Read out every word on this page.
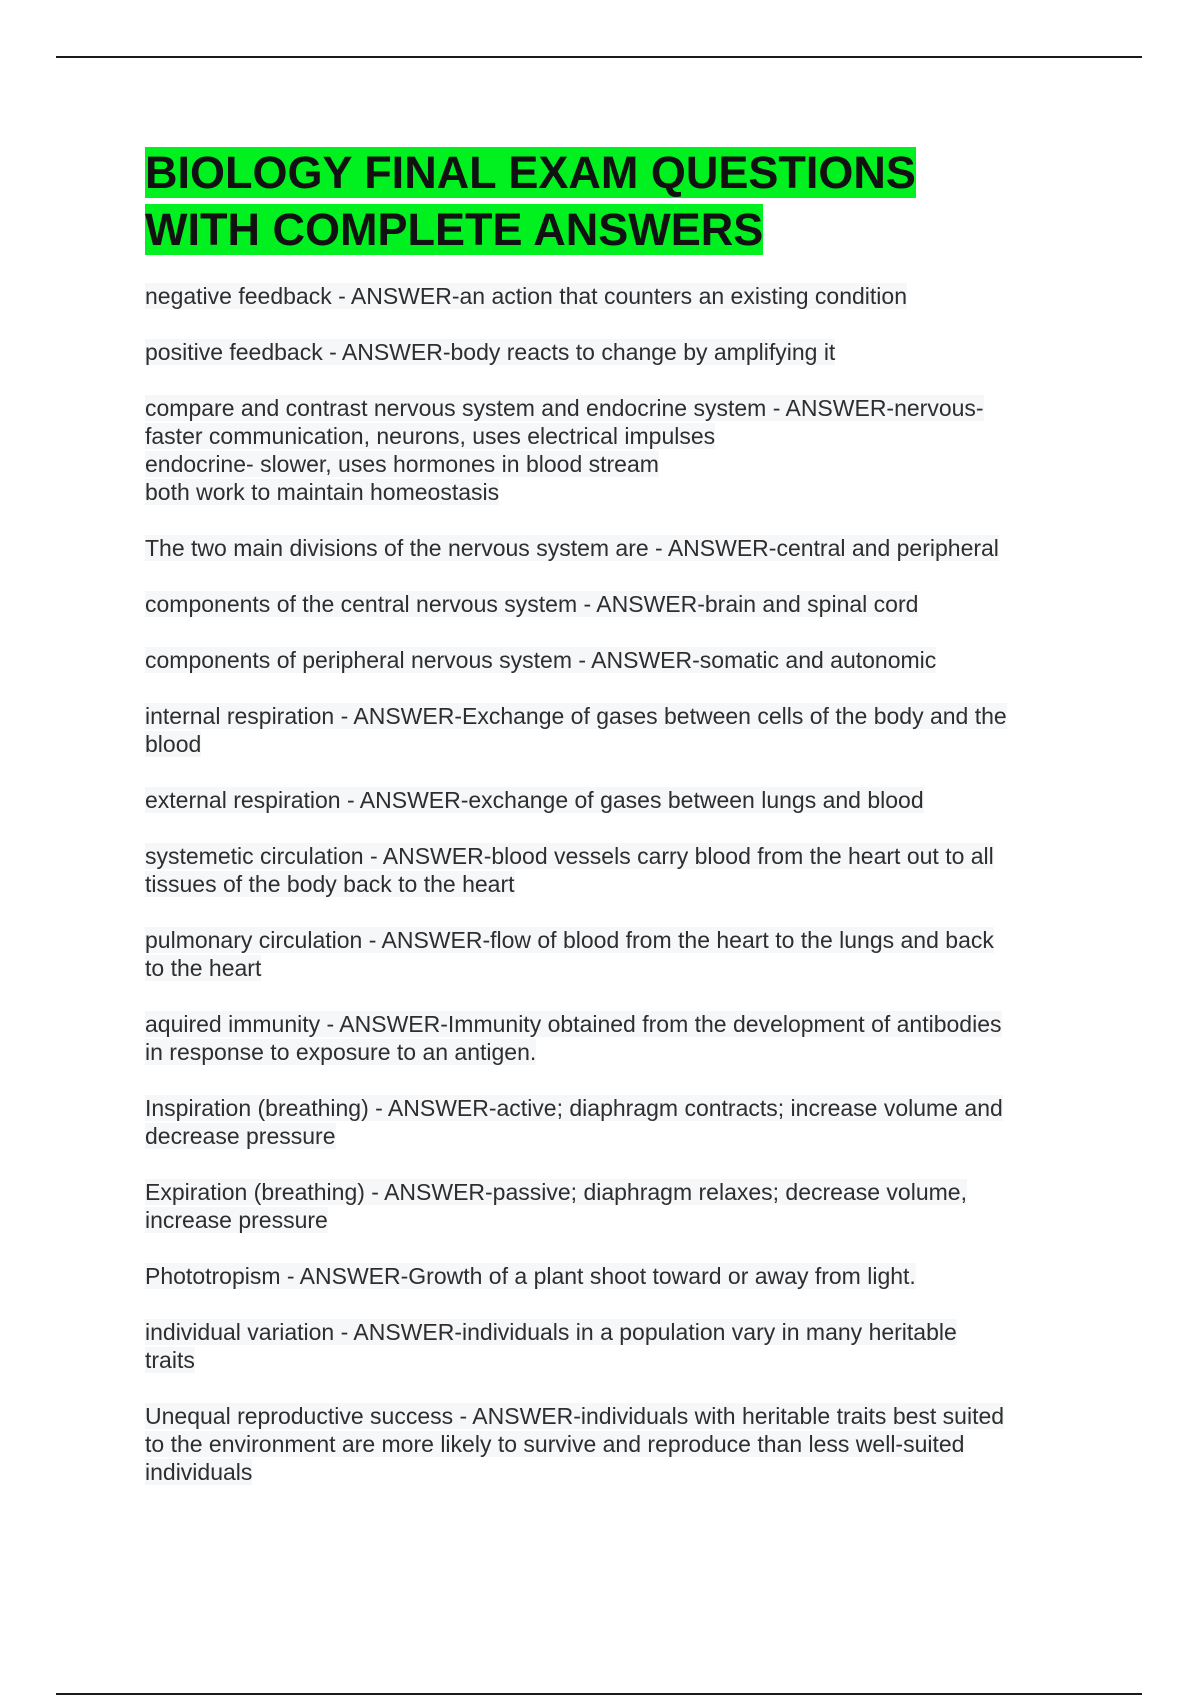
BIOLOGY FINAL EXAM QUESTIONS
WITH COMPLETE ANSWERS
negative feedback - ANSWER-an action that counters an existing condition
positive feedback - ANSWER-body reacts to change by amplifying it
compare and contrast nervous system and endocrine system - ANSWER-nervous-
faster communication, neurons, uses electrical impulses
endocrine- slower, uses hormones in blood stream
both work to maintain homeostasis
The two main divisions of the nervous system are - ANSWER-central and peripheral
components of the central nervous system - ANSWER-brain and spinal cord
components of peripheral nervous system - ANSWER-somatic and autonomic
internal respiration - ANSWER-Exchange of gases between cells of the body and the
blood
external respiration - ANSWER-exchange of gases between lungs and blood
systemetic circulation - ANSWER-blood vessels carry blood from the heart out to all
tissues of the body back to the heart
pulmonary circulation - ANSWER-flow of blood from the heart to the lungs and back
to the heart
aquired immunity - ANSWER-Immunity obtained from the development of antibodies
in response to exposure to an antigen.
Inspiration (breathing) - ANSWER-active; diaphragm contracts; increase volume and
decrease pressure
Expiration (breathing) - ANSWER-passive; diaphragm relaxes; decrease volume,
increase pressure
Phototropism - ANSWER-Growth of a plant shoot toward or away from light.
individual variation - ANSWER-individuals in a population vary in many heritable
traits
Unequal reproductive success - ANSWER-individuals with heritable traits best suited
to the environment are more likely to survive and reproduce than less well-suited
individuals
